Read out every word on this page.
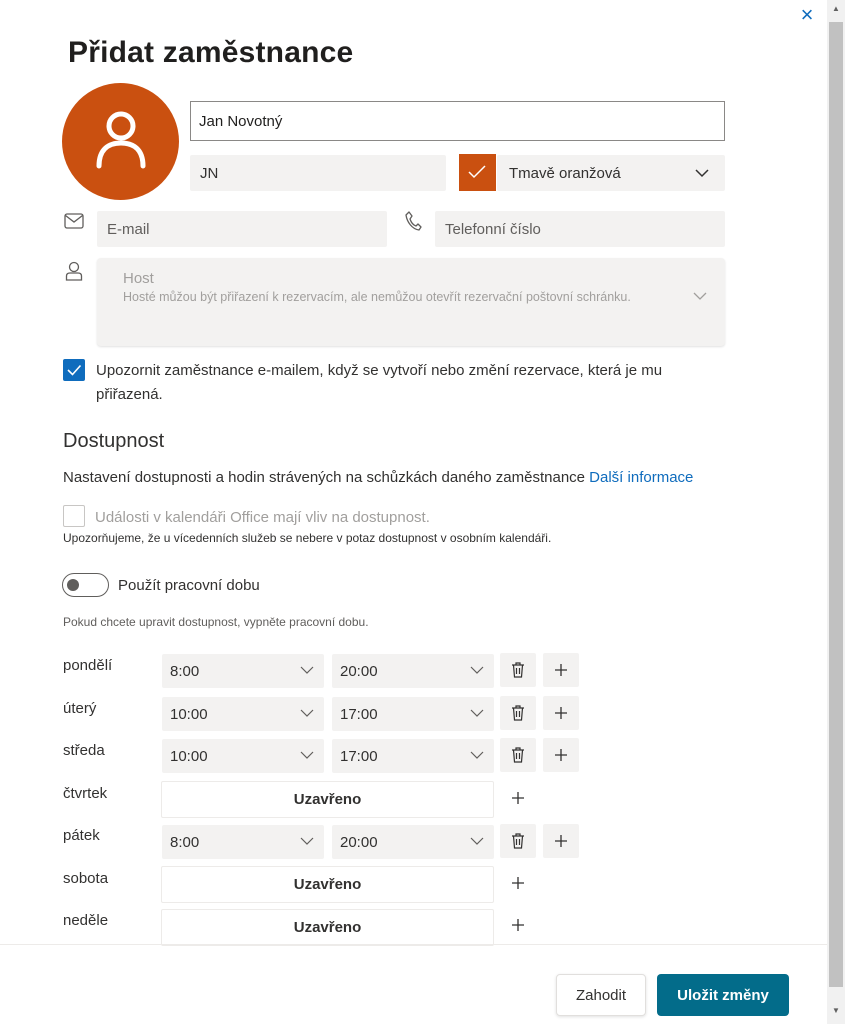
×	▲
▼
Přidat zaměstnance
Jan Novotný
JN	Tmavě oranžová
E-mail	Telefonní číslo
Host
Hosté můžou být přiřazení k rezervacím, ale nemůžou otevřít rezervační poštovní schránku.
Upozornit zaměstnance e-mailem, když se vytvoří nebo změní rezervace, která je mu
přiřazená.
Dostupnost
Nastavení dostupnosti a hodin strávených na schůzkách daného zaměstnance Další informace
Události v kalendáři Office mají vliv na dostupnost.
Upozorňujeme, že u vícedenních služeb se nebere v potaz dostupnost v osobním kalendáři.
Použít pracovní dobu
Pokud chcete upravit dostupnost, vypněte pracovní dobu.
pondělí	8:00	20:00
úterý	10:00	17:00
středa	10:00	17:00
čtvrtek	Uzavřeno
pátek	8:00	20:00
sobota	Uzavřeno
neděle	Uzavřeno
Zahodit	Uložit změny
